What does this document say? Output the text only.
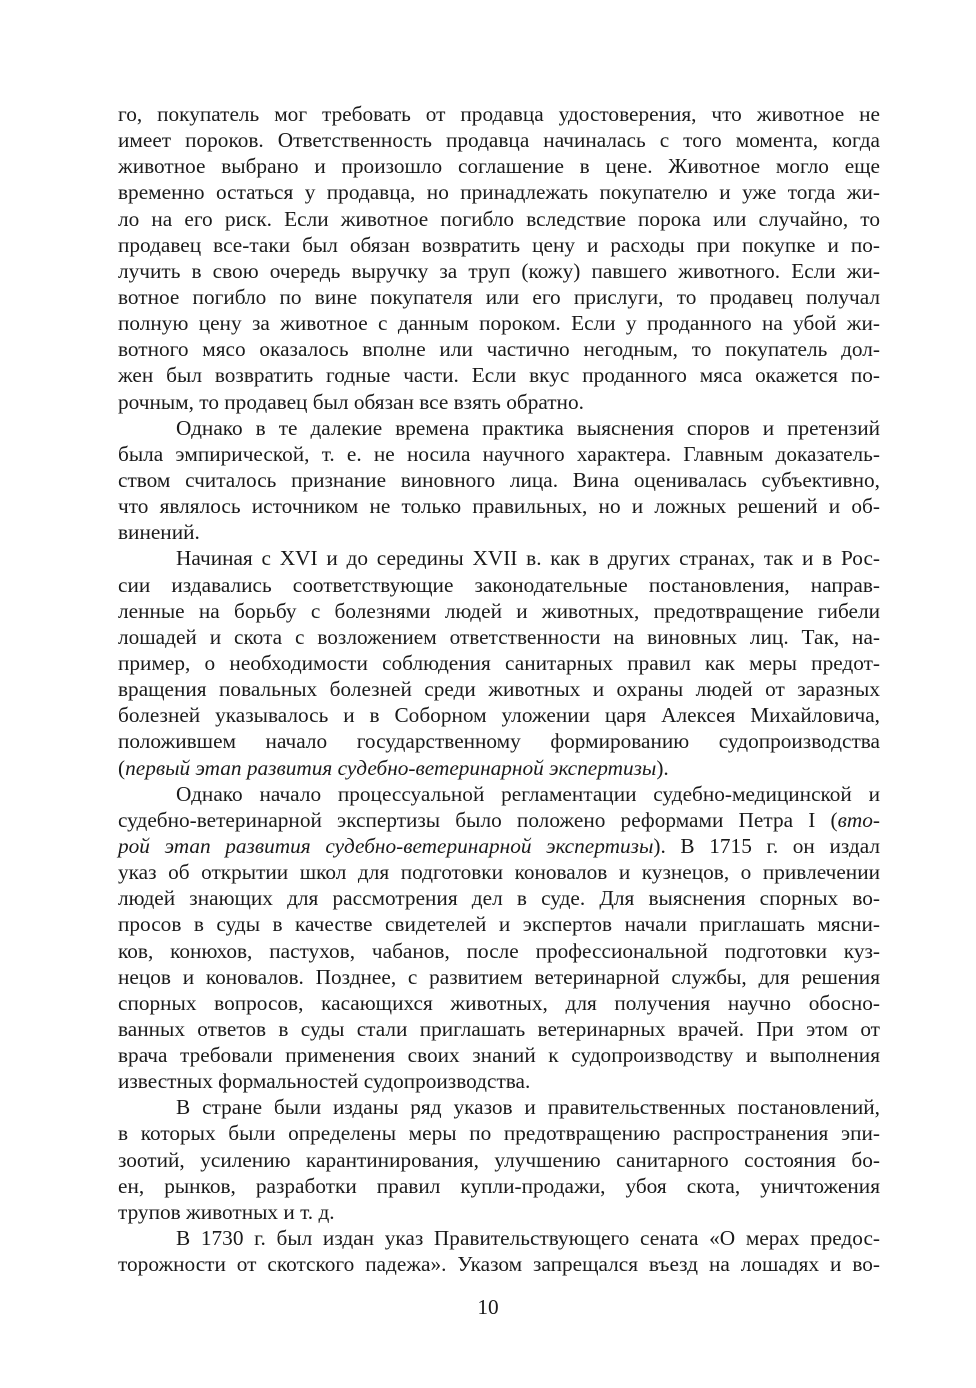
го, покупатель мог требовать от продавца удостоверения, что животное не
имеет пороков. Ответственность продавца начиналась с того момента, когда
животное выбрано и произошло соглашение в цене. Животное могло еще
временно остаться у продавца, но принадлежать покупателю и уже тогда жи-
ло на его риск. Если животное погибло вследствие порока или случайно, то
продавец все-таки был обязан возвратить цену и расходы при покупке и по-
лучить в свою очередь выручку за труп (кожу) павшего животного. Если жи-
вотное погибло по вине покупателя или его прислуги, то продавец получал
полную цену за животное с данным пороком. Если у проданного на убой жи-
вотного мясо оказалось вполне или частично негодным, то покупатель дол-
жен был возвратить годные части. Если вкус проданного мяса окажется по-
рочным, то продавец был обязан все взять обратно.
Однако в те далекие времена практика выяснения споров и претензий
была эмпирической, т. е. не носила научного характера. Главным доказатель-
ством считалось признание виновного лица. Вина оценивалась субъективно,
что являлось источником не только правильных, но и ложных решений и об-
винений.
Начиная с XVI и до середины XVII в. как в других странах, так и в Рос-
сии издавались соответствующие законодательные постановления, направ-
ленные на борьбу с болезнями людей и животных, предотвращение гибели
лошадей и скота с возложением ответственности на виновных лиц. Так, на-
пример, о необходимости соблюдения санитарных правил как меры предот-
вращения повальных болезней среди животных и охраны людей от заразных
болезней указывалось и в Соборном уложении царя Алексея Михайловича,
положившем начало государственному формированию судопроизводства
(первый этап развития судебно-ветеринарной экспертизы).
Однако начало процессуальной регламентации судебно-медицинской и
судебно-ветеринарной экспертизы было положено реформами Петра I (вто-
рой этап развития судебно-ветеринарной экспертизы). В 1715 г. он издал
указ об открытии школ для подготовки коновалов и кузнецов, о привлечении
людей знающих для рассмотрения дел в суде. Для выяснения спорных во-
просов в суды в качестве свидетелей и экспертов начали приглашать мясни-
ков, конюхов, пастухов, чабанов, после профессиональной подготовки куз-
нецов и коновалов. Позднее, с развитием ветеринарной службы, для решения
спорных вопросов, касающихся животных, для получения научно обосно-
ванных ответов в суды стали приглашать ветеринарных врачей. При этом от
врача требовали применения своих знаний к судопроизводству и выполнения
известных формальностей судопроизводства.
В стране были изданы ряд указов и правительственных постановлений,
в которых были определены меры по предотвращению распространения эпи-
зоотий, усилению карантинирования, улучшению санитарного состояния бо-
ен, рынков, разработки правил купли-продажи, убоя скота, уничтожения
трупов животных и т. д.
В 1730 г. был издан указ Правительствующего сената «О мерах предос-
торожности от скотского падежа». Указом запрещался въезд на лошадях и во-
10
